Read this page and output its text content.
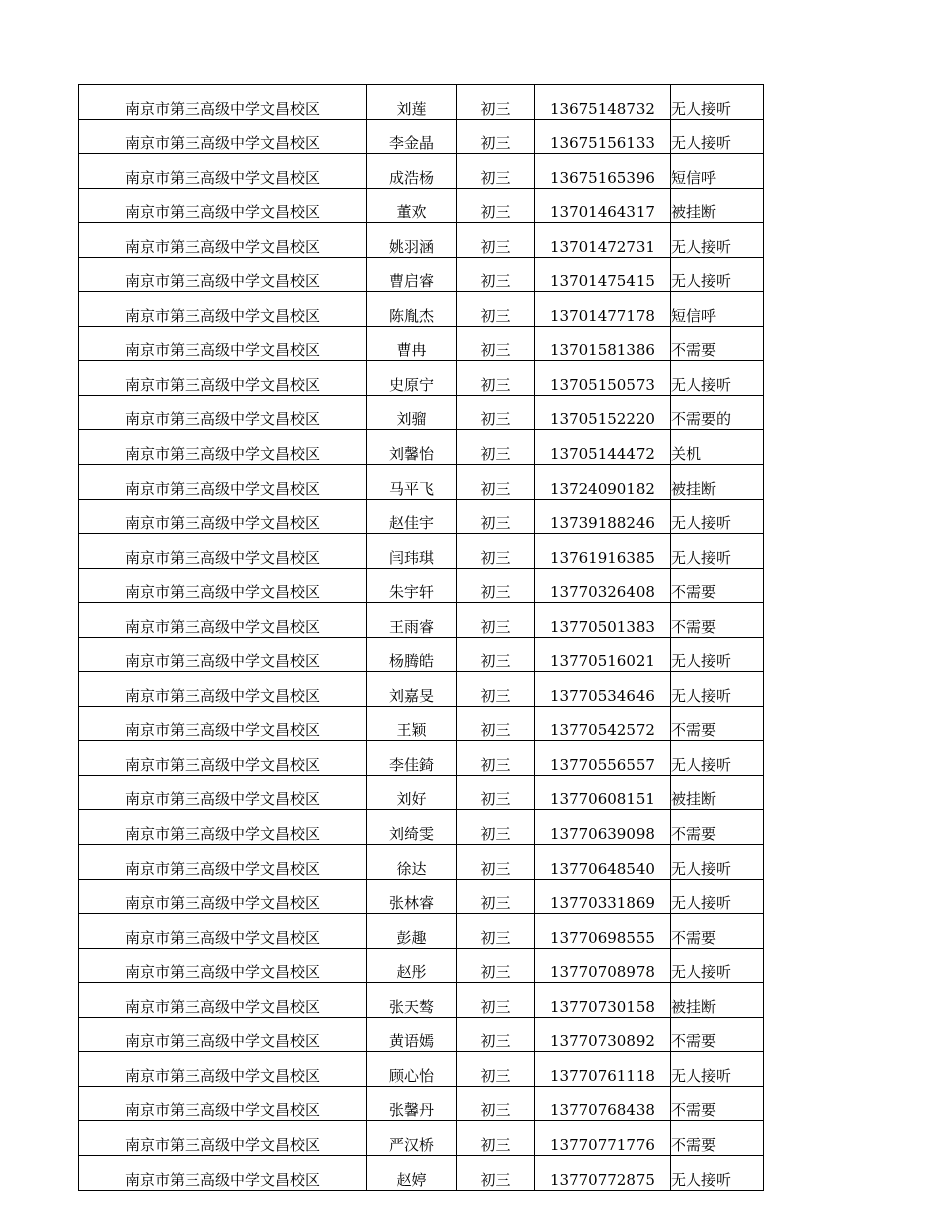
南京市第三高级中学文昌校区	刘莲	初三	13675148732	无人接听
南京市第三高级中学文昌校区	李金晶	初三	13675156133	无人接听
南京市第三高级中学文昌校区	成浩杨	初三	13675165396	短信呼
南京市第三高级中学文昌校区	董欢	初三	13701464317	被挂断
南京市第三高级中学文昌校区	姚羽涵	初三	13701472731	无人接听
南京市第三高级中学文昌校区	曹启睿	初三	13701475415	无人接听
南京市第三高级中学文昌校区	陈胤杰	初三	13701477178	短信呼
南京市第三高级中学文昌校区	曹冉	初三	13701581386	不需要
南京市第三高级中学文昌校区	史原宁	初三	13705150573	无人接听
南京市第三高级中学文昌校区	刘骝	初三	13705152220	不需要的
南京市第三高级中学文昌校区	刘馨怡	初三	13705144472	关机
南京市第三高级中学文昌校区	马平飞	初三	13724090182	被挂断
南京市第三高级中学文昌校区	赵佳宇	初三	13739188246	无人接听
南京市第三高级中学文昌校区	闫玮琪	初三	13761916385	无人接听
南京市第三高级中学文昌校区	朱宇轩	初三	13770326408	不需要
南京市第三高级中学文昌校区	王雨睿	初三	13770501383	不需要
南京市第三高级中学文昌校区	杨腾皓	初三	13770516021	无人接听
南京市第三高级中学文昌校区	刘嘉旻	初三	13770534646	无人接听
南京市第三高级中学文昌校区	王颖	初三	13770542572	不需要
南京市第三高级中学文昌校区	李佳錡	初三	13770556557	无人接听
南京市第三高级中学文昌校区	刘好	初三	13770608151	被挂断
南京市第三高级中学文昌校区	刘绮雯	初三	13770639098	不需要
南京市第三高级中学文昌校区	徐达	初三	13770648540	无人接听
南京市第三高级中学文昌校区	张林睿	初三	13770331869	无人接听
南京市第三高级中学文昌校区	彭趣	初三	13770698555	不需要
南京市第三高级中学文昌校区	赵彤	初三	13770708978	无人接听
南京市第三高级中学文昌校区	张天骜	初三	13770730158	被挂断
南京市第三高级中学文昌校区	黄语嫣	初三	13770730892	不需要
南京市第三高级中学文昌校区	顾心怡	初三	13770761118	无人接听
南京市第三高级中学文昌校区	张馨丹	初三	13770768438	不需要
南京市第三高级中学文昌校区	严汉桥	初三	13770771776	不需要
南京市第三高级中学文昌校区	赵婷	初三	13770772875	无人接听
